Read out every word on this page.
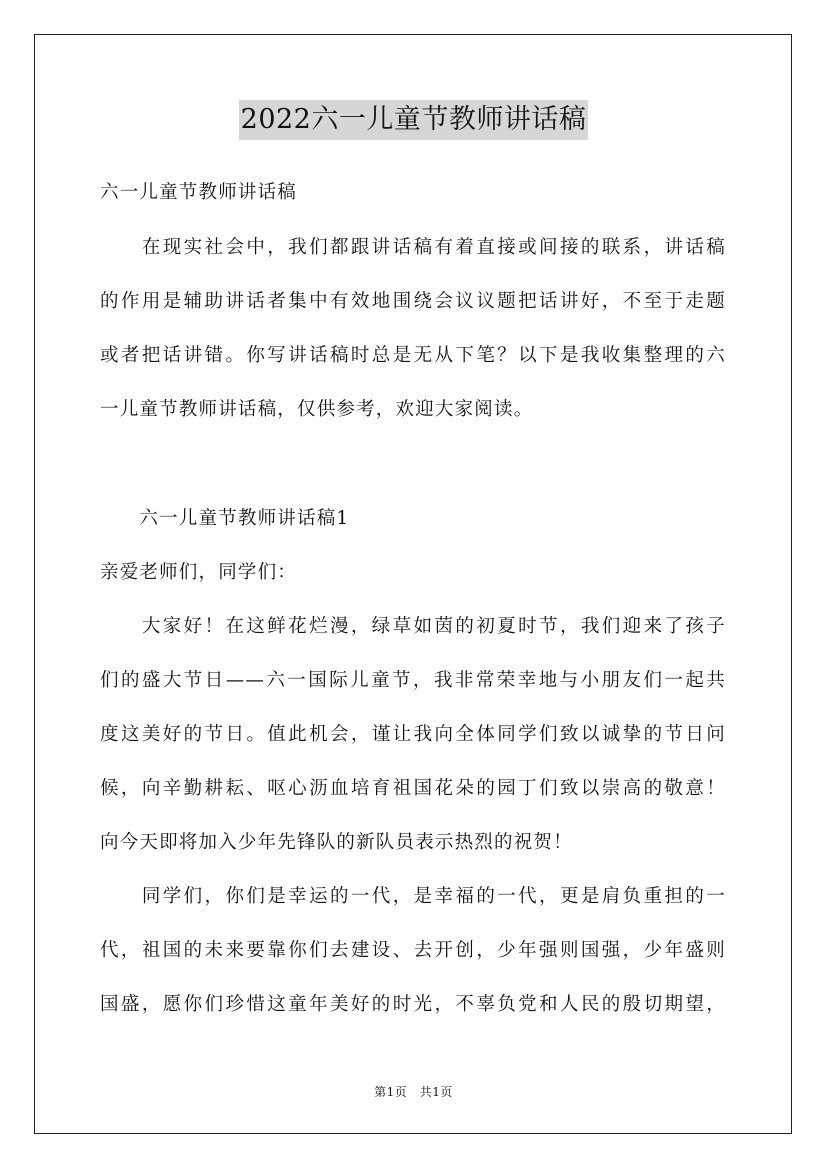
2022六一儿童节教师讲话稿
六一儿童节教师讲话稿
　　在现实社会中，我们都跟讲话稿有着直接或间接的联系，讲话稿
的作用是辅助讲话者集中有效地围绕会议议题把话讲好，不至于走题
或者把话讲错。你写讲话稿时总是无从下笔？以下是我收集整理的六
一儿童节教师讲话稿，仅供参考，欢迎大家阅读。
　　六一儿童节教师讲话稿1
亲爱老师们，同学们：
　　大家好！在这鲜花烂漫，绿草如茵的初夏时节，我们迎来了孩子
们的盛大节日——六一国际儿童节，我非常荣幸地与小朋友们一起共
度这美好的节日。值此机会，谨让我向全体同学们致以诚挚的节日问
候，向辛勤耕耘、呕心沥血培育祖国花朵的园丁们致以崇高的敬意！
向今天即将加入少年先锋队的新队员表示热烈的祝贺！
　　同学们，你们是幸运的一代，是幸福的一代，更是肩负重担的一
代，祖国的未来要靠你们去建设、去开创，少年强则国强，少年盛则
国盛，愿你们珍惜这童年美好的时光，不辜负党和人民的殷切期望，
第1页　共1页
